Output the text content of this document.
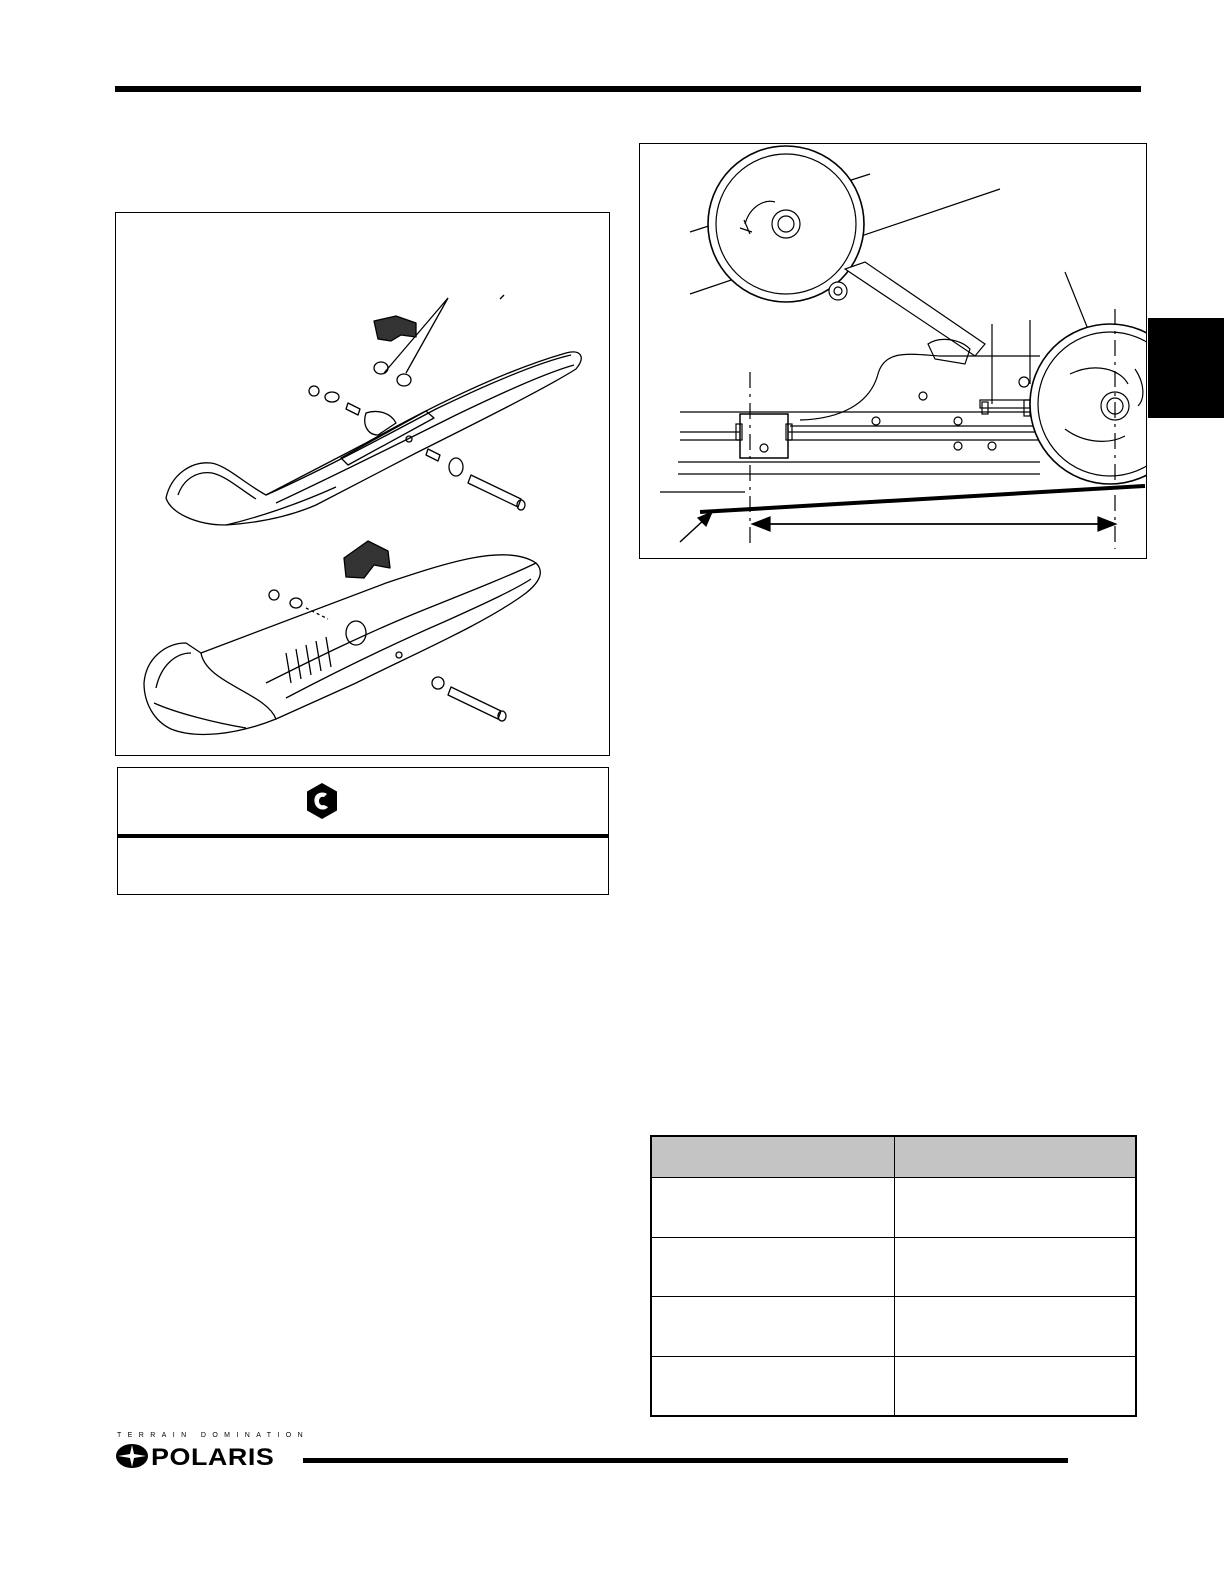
TERRAIN DOMINATION
POLARIS
